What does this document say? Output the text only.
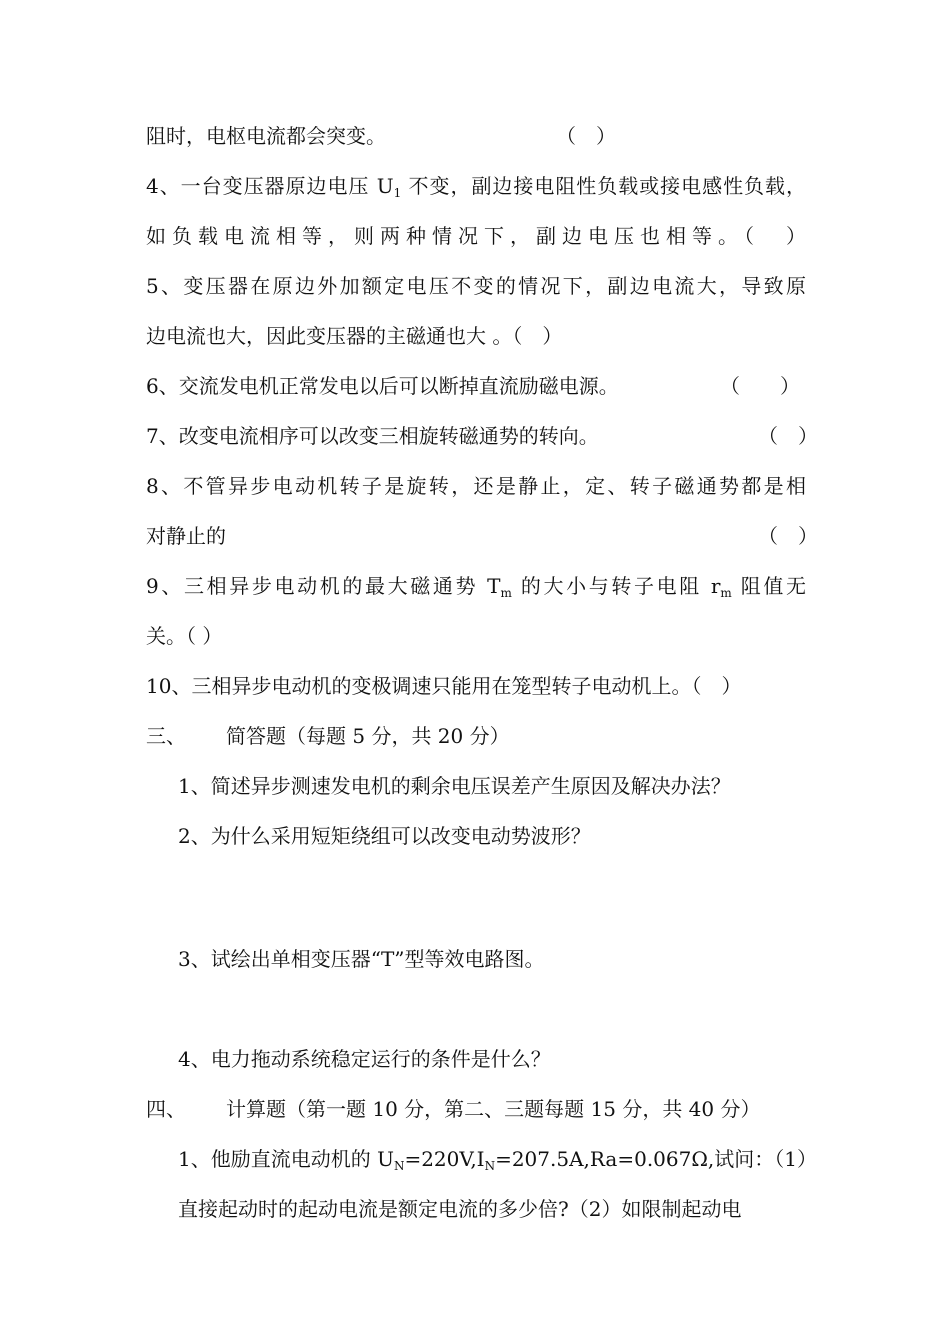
阻时，电枢电流都会突变。	（　）
4、一台变压器原边电压 $U_1$ 不变，副边接电阻性负载或接电感性负载，
如负载电流相等，则两种情况下，副边电压也相等。（　）
5、变压器在原边外加额定电压不变的情况下，副边电流大，导致原
边电流也大，因此变压器的主磁通也大 。（　）
6、交流发电机正常发电以后可以断掉直流励磁电源。	（　　）
7、改变电流相序可以改变三相旋转磁通势的转向。	（　）
8、不管异步电动机转子是旋转，还是静止，定、转子磁通势都是相
对静止的	（　）
9、三相异步电动机的最大磁通势 $T_m$ 的大小与转子电阻 $r_m$ 阻值无
关。（ ）
10、三相异步电动机的变极调速只能用在笼型转子电动机上。（　）
三、 简答题（每题 5 分，共 20 分）
1、简述异步测速发电机的剩余电压误差产生原因及解决办法？
2、为什么采用短矩绕组可以改变电动势波形？
3、试绘出单相变压器“T”型等效电路图。
4、电力拖动系统稳定运行的条件是什么？
四、 计算题（第一题 10 分，第二、三题每题 15 分，共 40 分）
1、他励直流电动机的 $U_N=220V,I_N=207.5A,Ra=0.067\Omega$,试问：（1）
直接起动时的起动电流是额定电流的多少倍?（2）如限制起动电
